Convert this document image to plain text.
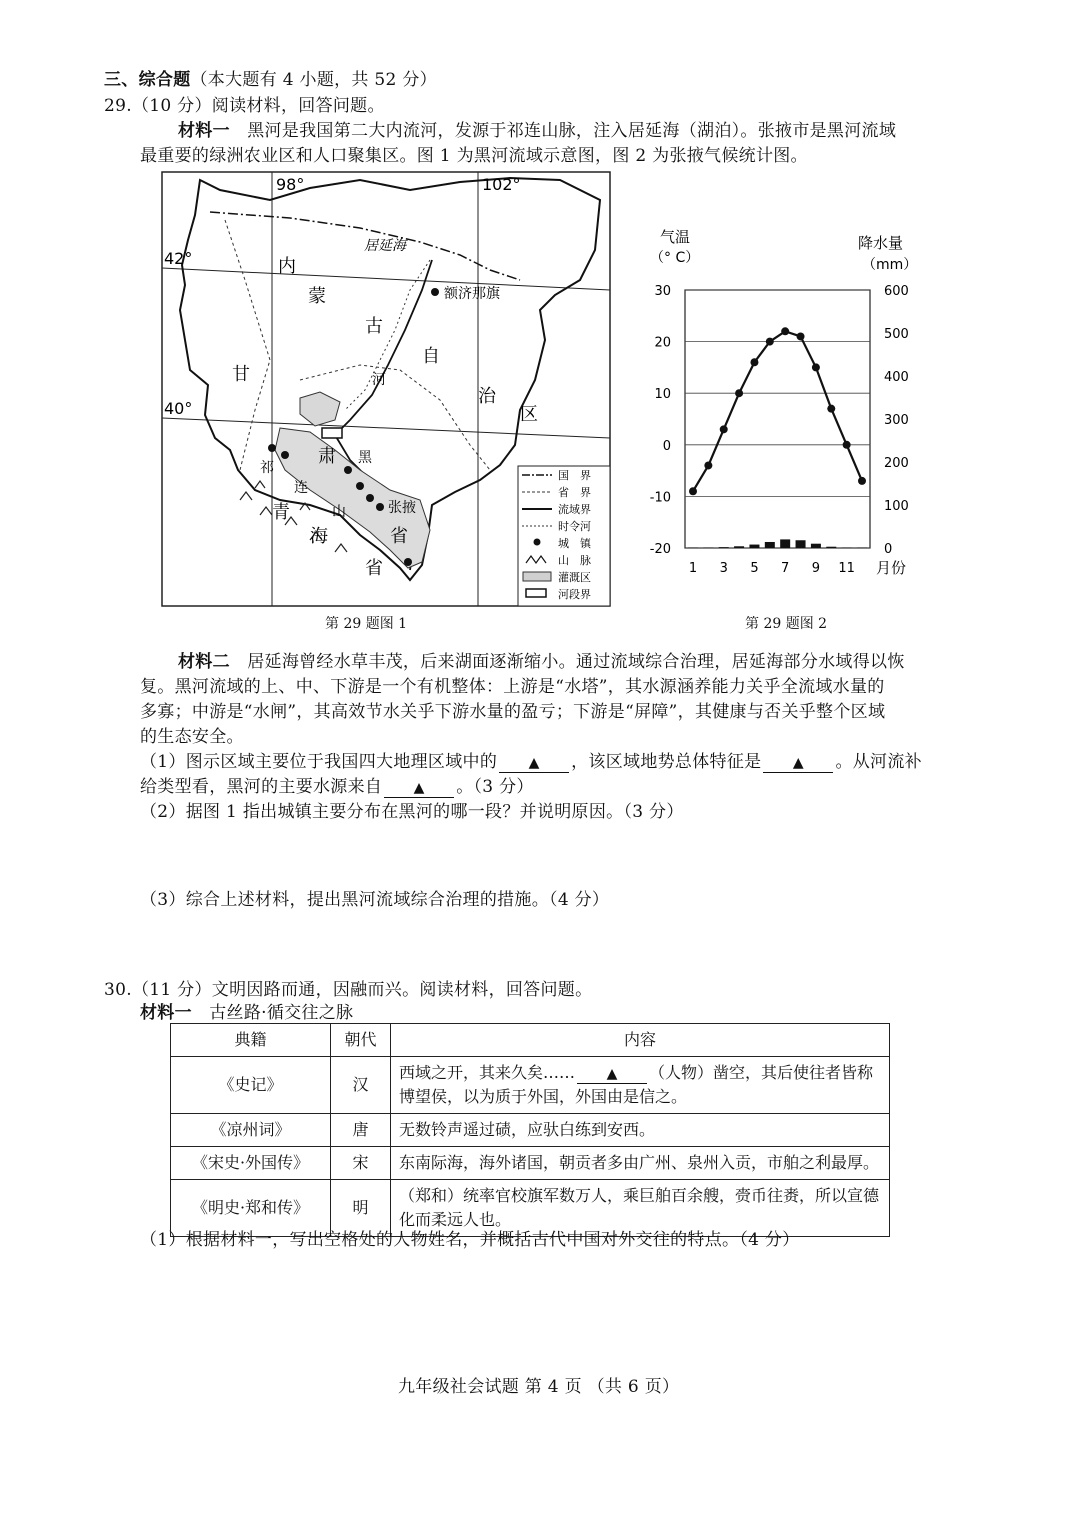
三、综合题（本大题有 4 小题，共 52 分）
29.（10 分）阅读材料，回答问题。
材料一　 黑河是我国第二大内流河，发源于祁连山脉，注入居延海（湖泊）。张掖市是黑河流域
最重要的绿洲农业区和人口聚集区。图 1 为黑河流域示意图，图 2 为张掖气候统计图。
98°	102°
42°
40°
内
蒙
古
自
治
区
甘
肃
省
青
海
省
黑
河
祁
连
山
居延海
额济那旗
张掖
国　界
省　界
流域界
时令河
城　镇
山　脉
灌溉区
河段界
气温
（° C）
降水量
（mm）
30
20
10
0
-10
-20
600
500
400
300
200
100
0
1 3 5 7 9 11 月份
第 29 题图 1	第 29 题图 2
材料二　 居延海曾经水草丰茂，后来湖面逐渐缩小。通过流域综合治理，居延海部分水域得以恢
复。黑河流域的上、中、下游是一个有机整体：上游是“水塔”，其水源涵养能力关乎全流域水量的
多寡；中游是“水闸”，其高效节水关乎下游水量的盈亏；下游是“屏障”，其健康与否关乎整个区域
的生态安全。
（1）图示区域主要位于我国四大地理区域中的 ▲ ，该区域地势总体特征是 ▲ 。从河流补
给类型看，黑河的主要水源来自 ▲ 。（3 分）
（2）据图 1 指出城镇主要分布在黑河的哪一段？并说明原因。（3 分）
（3）综合上述材料，提出黑河流域综合治理的措施。（4 分）
30.（11 分）文明因路而通，因融而兴。阅读材料，回答问题。
材料一　 古丝路·循交往之脉
典籍	朝代	内容
《史记》	汉	西域之开，其来久矣…… ▲ （人物）凿空，其后使往者皆称博望侯，以为质于外国，外国由是信之。
《凉州词》	唐	无数铃声遥过碛，应驮白练到安西。
《宋史·外国传》	宋	东南际海，海外诸国，朝贡者多由广州、泉州入贡，市舶之利最厚。
《明史·郑和传》	明	（郑和）统率官校旗军数万人，乘巨舶百余艘，赍币往赉，所以宣德化而柔远人也。
（1）根据材料一，写出空格处的人物姓名，并概括古代中国对外交往的特点。（4 分）
九年级社会试题 第 4 页 （共 6 页）
